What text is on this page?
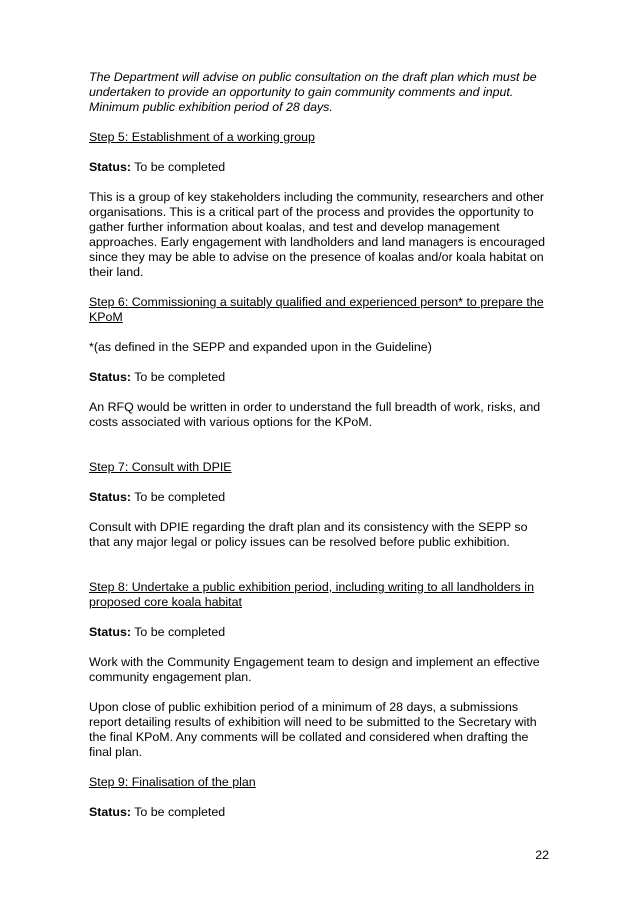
The Department will advise on public consultation on the draft plan which must be undertaken to provide an opportunity to gain community comments and input. Minimum public exhibition period of 28 days.

Step 5: Establishment of a working group

Status: To be completed

This is a group of key stakeholders including the community, researchers and other organisations. This is a critical part of the process and provides the opportunity to gather further information about koalas, and test and develop management approaches. Early engagement with landholders and land managers is encouraged since they may be able to advise on the presence of koalas and/or koala habitat on their land.

Step 6: Commissioning a suitably qualified and experienced person* to prepare the KPoM

*(as defined in the SEPP and expanded upon in the Guideline)

Status: To be completed

An RFQ would be written in order to understand the full breadth of work, risks, and costs associated with various options for the KPoM.

Step 7: Consult with DPIE

Status: To be completed

Consult with DPIE regarding the draft plan and its consistency with the SEPP so that any major legal or policy issues can be resolved before public exhibition.

Step 8: Undertake a public exhibition period, including writing to all landholders in proposed core koala habitat

Status: To be completed

Work with the Community Engagement team to design and implement an effective community engagement plan.

Upon close of public exhibition period of a minimum of 28 days, a submissions report detailing results of exhibition will need to be submitted to the Secretary with the final KPoM. Any comments will be collated and considered when drafting the final plan.

Step 9: Finalisation of the plan

Status: To be completed

22
